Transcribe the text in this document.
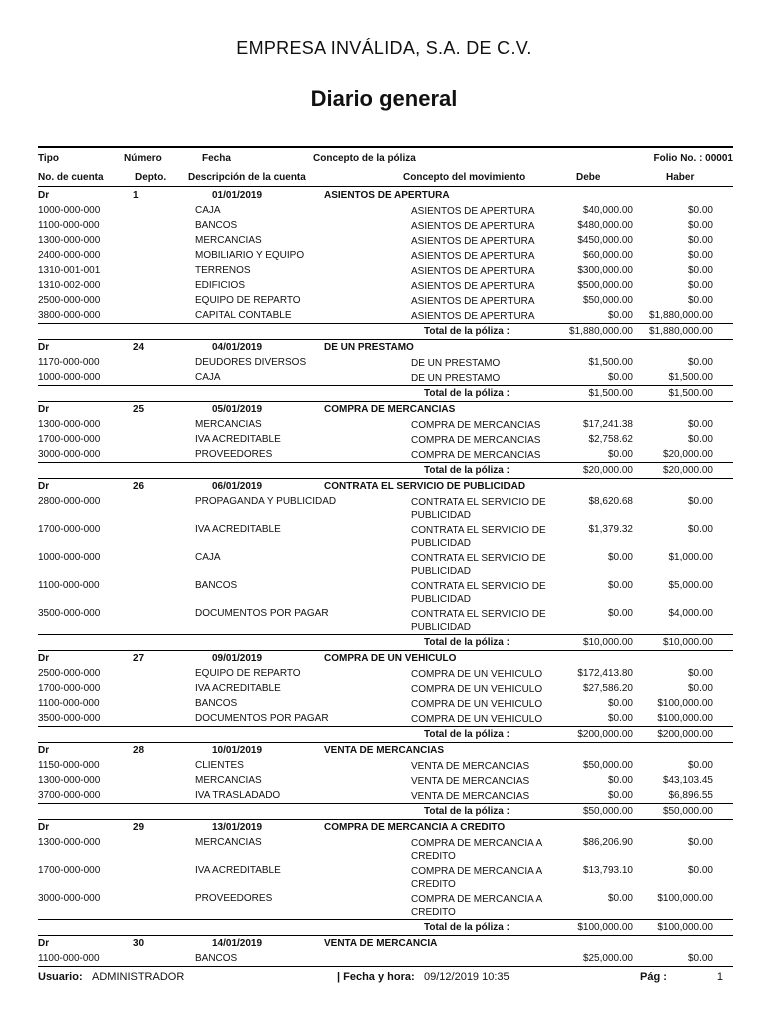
EMPRESA INVÁLIDA, S.A. DE C.V.
Diario general
Tipo	Número	Fecha	Concepto de la póliza	Folio No. : 00001
No. de cuenta	Depto. Descripción de la cuenta	Concepto del movimiento	Debe	Haber
Dr	1	01/01/2019	ASIENTOS DE APERTURA
1000-000-000	CAJA	ASIENTOS DE APERTURA	$40,000.00	$0.00
1100-000-000	BANCOS	ASIENTOS DE APERTURA	$480,000.00	$0.00
1300-000-000	MERCANCIAS	ASIENTOS DE APERTURA	$450,000.00	$0.00
2400-000-000	MOBILIARIO Y EQUIPO	ASIENTOS DE APERTURA	$60,000.00	$0.00
1310-001-001	TERRENOS	ASIENTOS DE APERTURA	$300,000.00	$0.00
1310-002-000	EDIFICIOS	ASIENTOS DE APERTURA	$500,000.00	$0.00
2500-000-000	EQUIPO DE REPARTO	ASIENTOS DE APERTURA	$50,000.00	$0.00
3800-000-000	CAPITAL CONTABLE	ASIENTOS DE APERTURA	$0.00 $1,880,000.00
Total de la póliza :	$1,880,000.00 $1,880,000.00
Dr	24	04/01/2019	DE UN PRESTAMO
1170-000-000	DEUDORES DIVERSOS	DE UN PRESTAMO	$1,500.00	$0.00
1000-000-000	CAJA	DE UN PRESTAMO	$0.00	$1,500.00
Total de la póliza :	$1,500.00	$1,500.00
Dr	25	05/01/2019	COMPRA DE MERCANCIAS
1300-000-000	MERCANCIAS	COMPRA DE MERCANCIAS	$17,241.38	$0.00
1700-000-000	IVA ACREDITABLE	COMPRA DE MERCANCIAS	$2,758.62	$0.00
3000-000-000	PROVEEDORES	COMPRA DE MERCANCIAS	$0.00	$20,000.00
Total de la póliza :	$20,000.00	$20,000.00
Dr	26	06/01/2019	CONTRATA EL SERVICIO DE PUBLICIDAD
2800-000-000	PROPAGANDA Y PUBLICIDAD	CONTRATA EL SERVICIO DE PUBLICIDAD
$8,620.68	$0.00
1700-000-000	IVA ACREDITABLE	CONTRATA EL SERVICIO DE PUBLICIDAD
$1,379.32	$0.00
1000-000-000	CAJA	CONTRATA EL SERVICIO DE PUBLICIDAD
$0.00	$1,000.00
1100-000-000	BANCOS	CONTRATA EL SERVICIO DE PUBLICIDAD
$0.00	$5,000.00
3500-000-000	DOCUMENTOS POR PAGAR	CONTRATA EL SERVICIO DE PUBLICIDAD
$0.00	$4,000.00
Total de la póliza :	$10,000.00	$10,000.00
Dr	27	09/01/2019	COMPRA DE UN VEHICULO
2500-000-000	EQUIPO DE REPARTO	COMPRA DE UN VEHICULO	$172,413.80	$0.00
1700-000-000	IVA ACREDITABLE	COMPRA DE UN VEHICULO	$27,586.20	$0.00
1100-000-000	BANCOS	COMPRA DE UN VEHICULO	$0.00 $100,000.00
3500-000-000	DOCUMENTOS POR PAGAR	COMPRA DE UN VEHICULO	$0.00 $100,000.00
Total de la póliza :	$200,000.00 $200,000.00
Dr	28	10/01/2019	VENTA DE MERCANCIAS
1150-000-000	CLIENTES	VENTA DE MERCANCIAS	$50,000.00	$0.00
1300-000-000	MERCANCIAS	VENTA DE MERCANCIAS	$0.00	$43,103.45
3700-000-000	IVA TRASLADADO	VENTA DE MERCANCIAS	$0.00	$6,896.55
Total de la póliza :	$50,000.00	$50,000.00
Dr	29	13/01/2019	COMPRA DE MERCANCIA A CREDITO
1300-000-000	MERCANCIAS	COMPRA DE MERCANCIA A CREDITO
$86,206.90	$0.00
1700-000-000	IVA ACREDITABLE	COMPRA DE MERCANCIA A CREDITO
$13,793.10	$0.00
3000-000-000	PROVEEDORES	COMPRA DE MERCANCIA A CREDITO
$0.00 $100,000.00
Total de la póliza :	$100,000.00 $100,000.00
Dr	30	14/01/2019	VENTA DE MERCANCIA
1100-000-000	BANCOS	$25,000.00	$0.00
Usuario: ADMINISTRADOR	| Fecha y hora: 09/12/2019 10:35	Pág :	1
